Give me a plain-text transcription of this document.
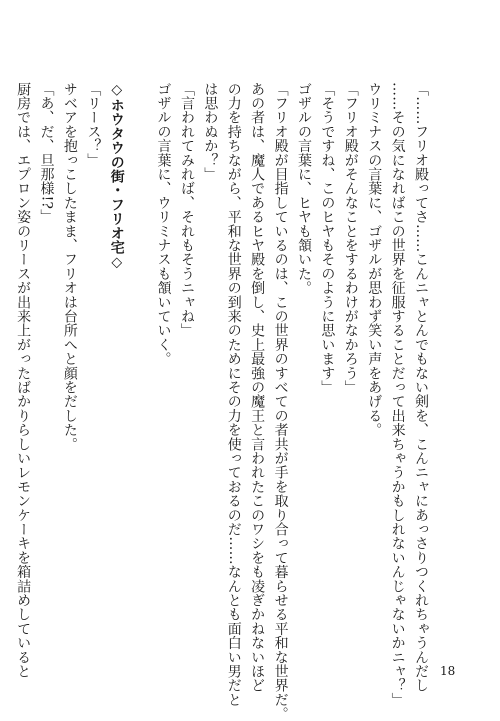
「……フリオ殿ってさ……こんニャとんでもない剣を、こんニャにあっさりつくれちゃうんだし

……その気になればこの世界を征服することだって出来ちゃうかもしれないんじゃないかニャ？」

ウリミナスの言葉に、ゴザルが思わず笑い声をあげる。

「フリオ殿がそんなことをするわけがなかろう」

「そうですね、このヒヤもそのように思います」

ゴザルの言葉に、ヒヤも頷いた。

「フリオ殿が目指しているのは、この世界のすべての者共が手を取り合って暮らせる平和な世界だ。

あの者は、魔人であるヒヤ殿を倒し、史上最強の魔王と言われたこのワシをも凌ぎかねないほど

の力を持ちながら、平和な世界の到来のためにその力を使っておるのだ……なんとも面白い男だと

は思わぬか？」

「言われてみれば、それもそうニャね」

ゴザルの言葉に、ウリミナスも頷いていく。

◇ホウタウの街・フリオ宅◇

「リース？」

サベアを抱っこしたまま、フリオは台所へと顔をだした。

「あ、だ、旦那様!?」

厨房では、エプロン姿のリースが出来上がったばかりらしいレモンケーキを箱詰めしていると	18
